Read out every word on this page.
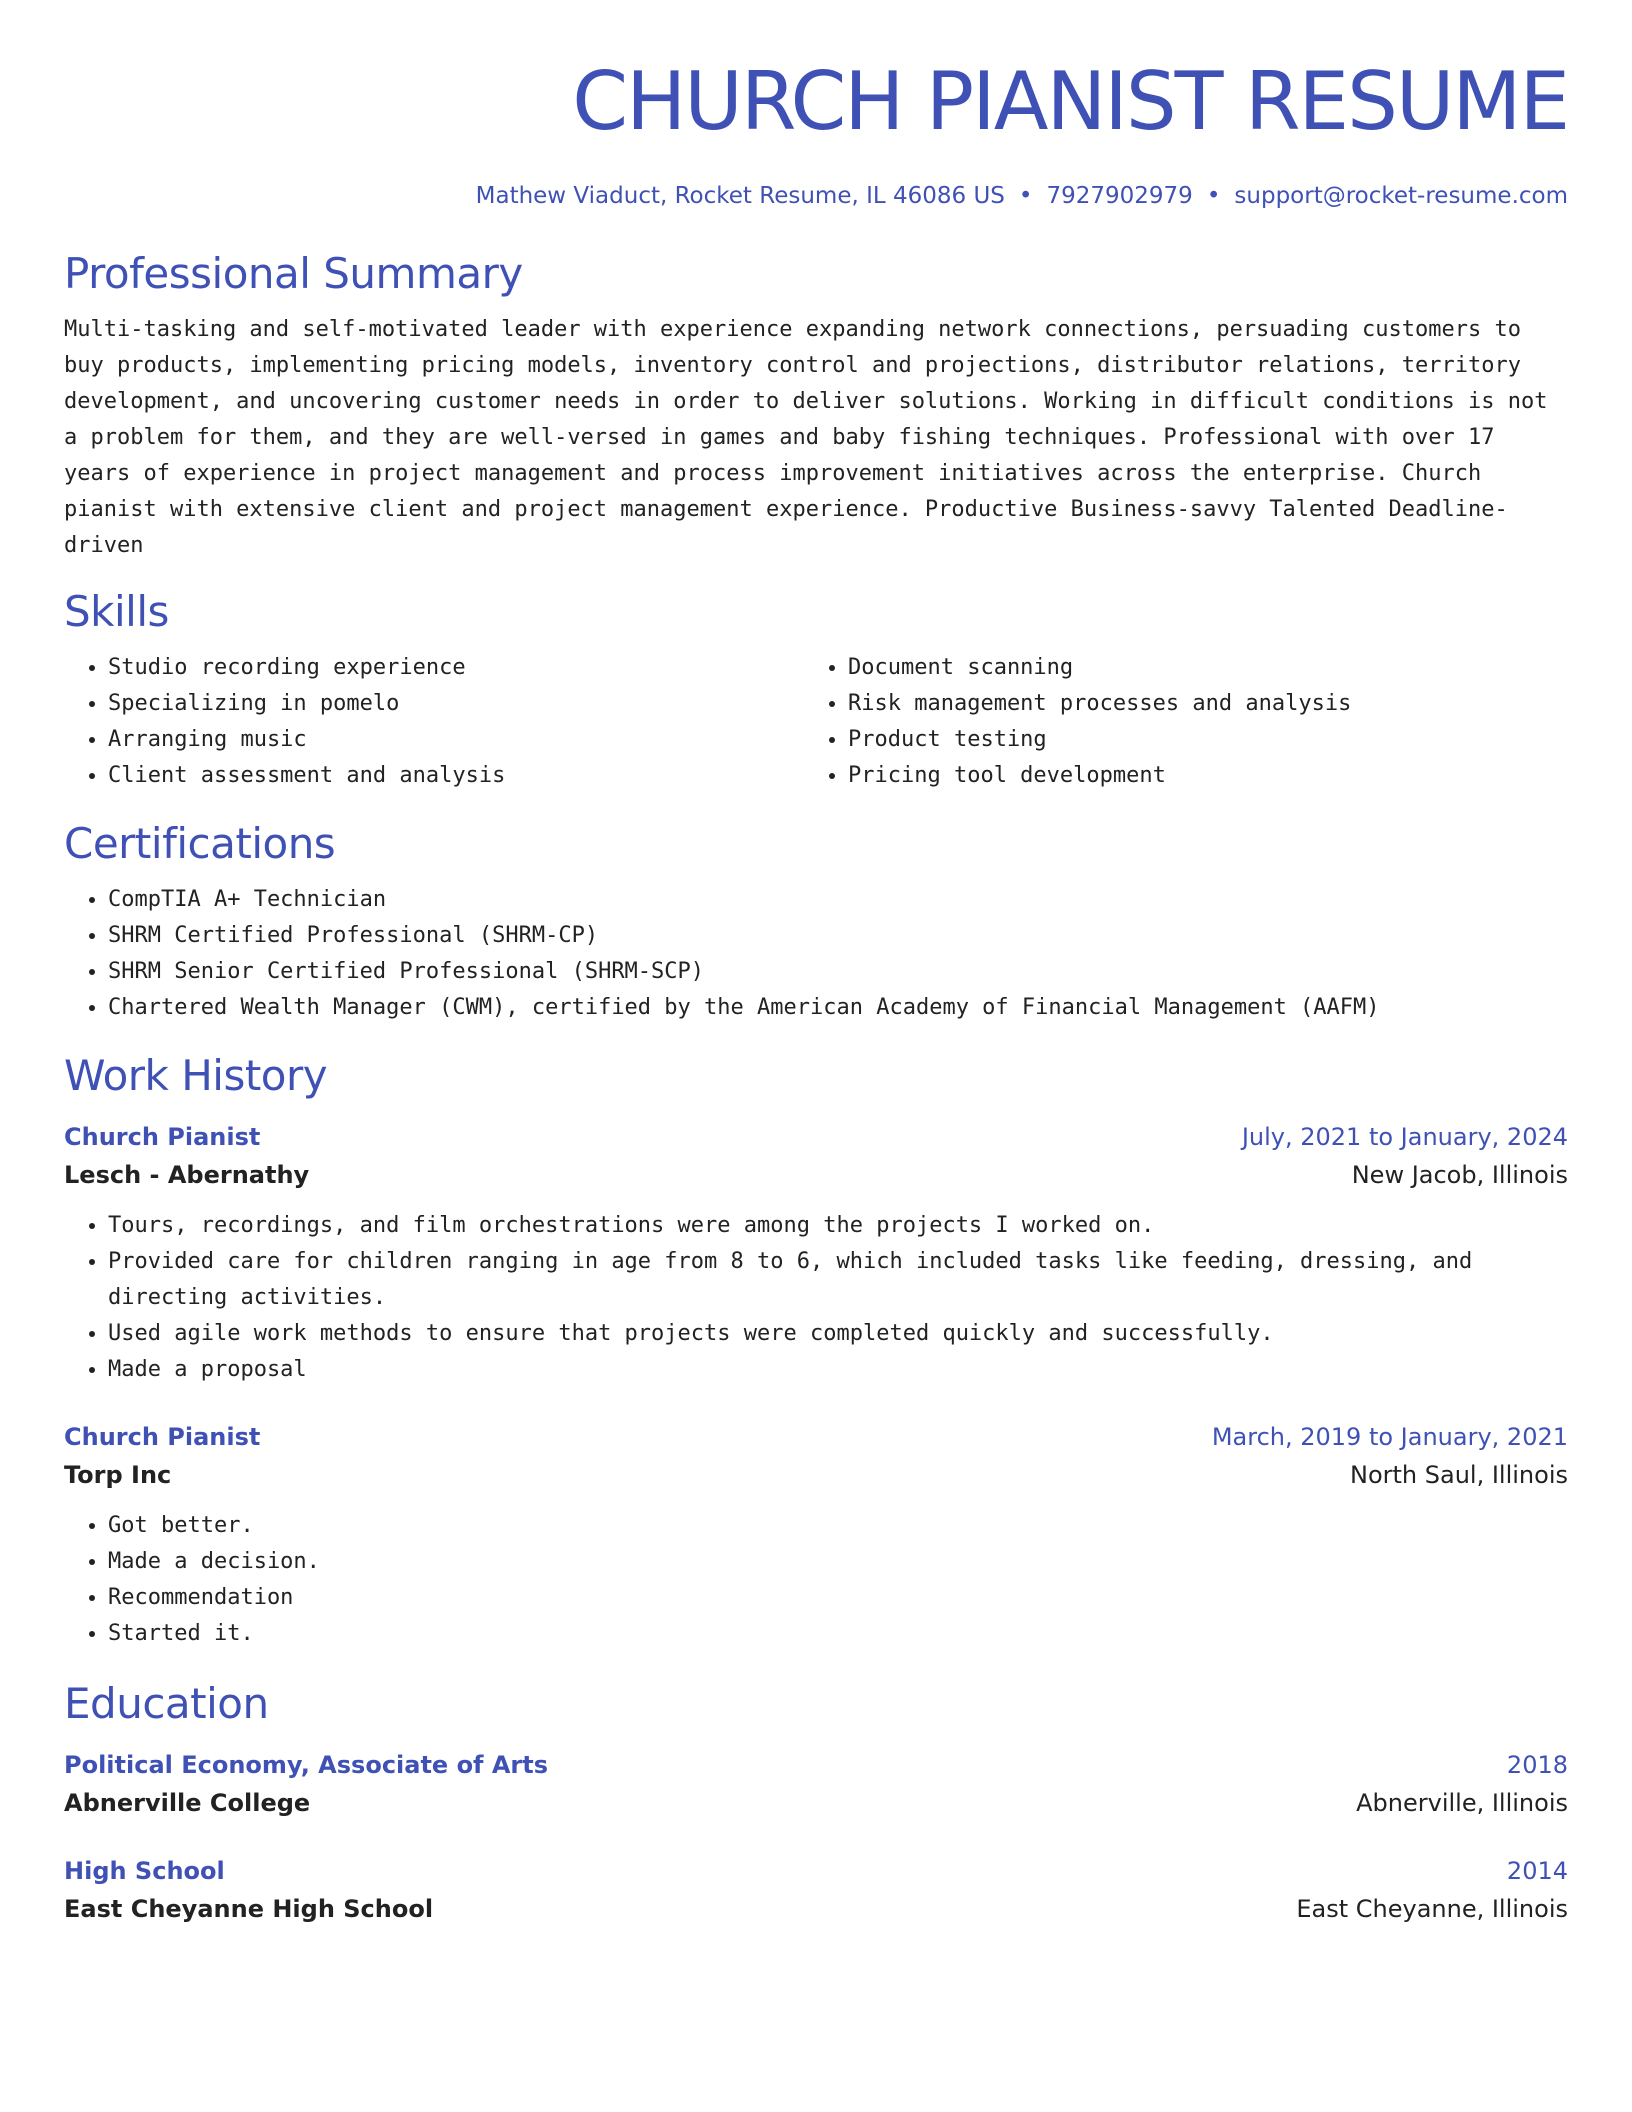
CHURCH PIANIST RESUME
Mathew Viaduct, Rocket Resume, IL 46086 US • 7927902979 • support@rocket-resume.com
Professional Summary
Multi-tasking and self-motivated leader with experience expanding network connections, persuading customers to buy products, implementing pricing models, inventory control and projections, distributor relations, territory development, and uncovering customer needs in order to deliver solutions. Working in difficult conditions is not a problem for them, and they are well-versed in games and baby fishing techniques. Professional with over 17 years of experience in project management and process improvement initiatives across the enterprise. Church pianist with extensive client and project management experience. Productive Business-savvy Talented Deadline-driven
Skills
• Studio recording experience
• Specializing in pomelo
• Arranging music
• Client assessment and analysis
• Document scanning
• Risk management processes and analysis
• Product testing
• Pricing tool development
Certifications
• CompTIA A+ Technician
• SHRM Certified Professional (SHRM-CP)
• SHRM Senior Certified Professional (SHRM-SCP)
• Chartered Wealth Manager (CWM), certified by the American Academy of Financial Management (AAFM)
Work History
Church Pianist	July, 2021 to January, 2024
Lesch - Abernathy	New Jacob, Illinois
• Tours, recordings, and film orchestrations were among the projects I worked on.
• Provided care for children ranging in age from 8 to 6, which included tasks like feeding, dressing, and directing activities.
• Used agile work methods to ensure that projects were completed quickly and successfully.
• Made a proposal
Church Pianist	March, 2019 to January, 2021
Torp Inc	North Saul, Illinois
• Got better.
• Made a decision.
• Recommendation
• Started it.
Education
Political Economy, Associate of Arts	2018
Abnerville College	Abnerville, Illinois
High School	2014
East Cheyanne High School	East Cheyanne, Illinois
